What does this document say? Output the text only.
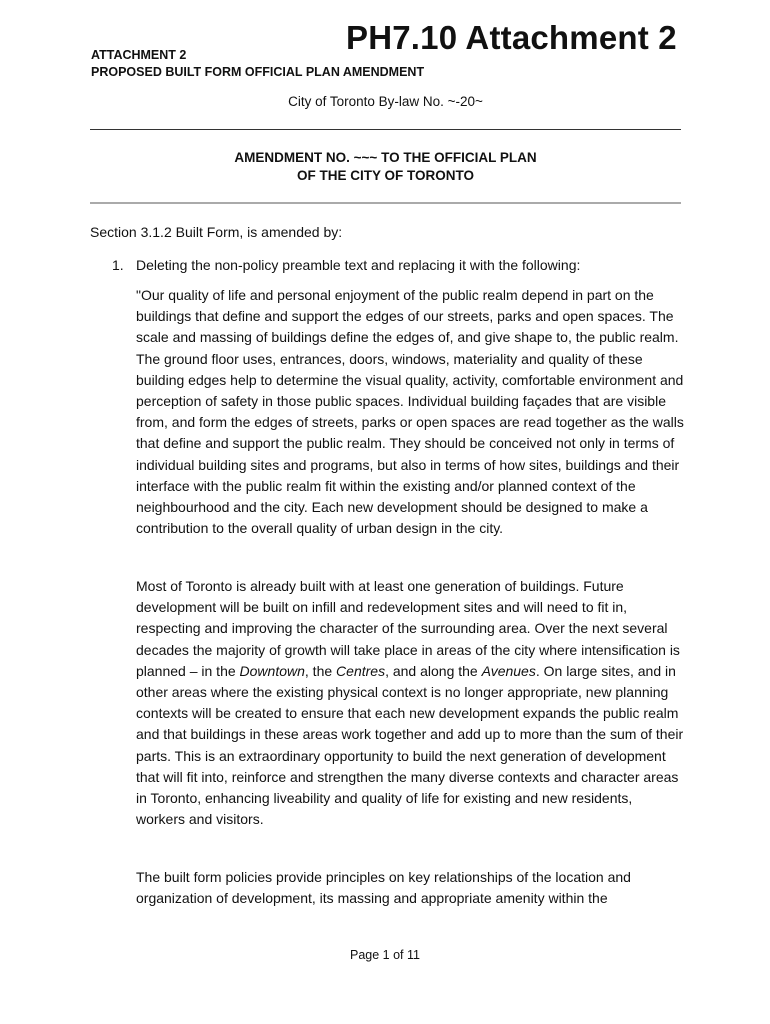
PH7.10 Attachment 2
ATTACHMENT 2
PROPOSED BUILT FORM OFFICIAL PLAN AMENDMENT
City of Toronto By-law No. ~-20~
AMENDMENT NO. ~~~ TO THE OFFICIAL PLAN
OF THE CITY OF TORONTO
Section 3.1.2 Built Form, is amended by:
1. Deleting the non-policy preamble text and replacing it with the following:

"Our quality of life and personal enjoyment of the public realm depend in part on the buildings that define and support the edges of our streets, parks and open spaces. The scale and massing of buildings define the edges of, and give shape to, the public realm. The ground floor uses, entrances, doors, windows, materiality and quality of these building edges help to determine the visual quality, activity, comfortable environment and perception of safety in those public spaces. Individual building façades that are visible from, and form the edges of streets, parks or open spaces are read together as the walls that define and support the public realm. They should be conceived not only in terms of individual building sites and programs, but also in terms of how sites, buildings and their interface with the public realm fit within the existing and/or planned context of the neighbourhood and the city. Each new development should be designed to make a contribution to the overall quality of urban design in the city.

Most of Toronto is already built with at least one generation of buildings. Future development will be built on infill and redevelopment sites and will need to fit in, respecting and improving the character of the surrounding area. Over the next several decades the majority of growth will take place in areas of the city where intensification is planned – in the Downtown, the Centres, and along the Avenues. On large sites, and in other areas where the existing physical context is no longer appropriate, new planning contexts will be created to ensure that each new development expands the public realm and that buildings in these areas work together and add up to more than the sum of their parts. This is an extraordinary opportunity to build the next generation of development that will fit into, reinforce and strengthen the many diverse contexts and character areas in Toronto, enhancing liveability and quality of life for existing and new residents, workers and visitors.

The built form policies provide principles on key relationships of the location and organization of development, its massing and appropriate amenity within the

Page 1 of 11
